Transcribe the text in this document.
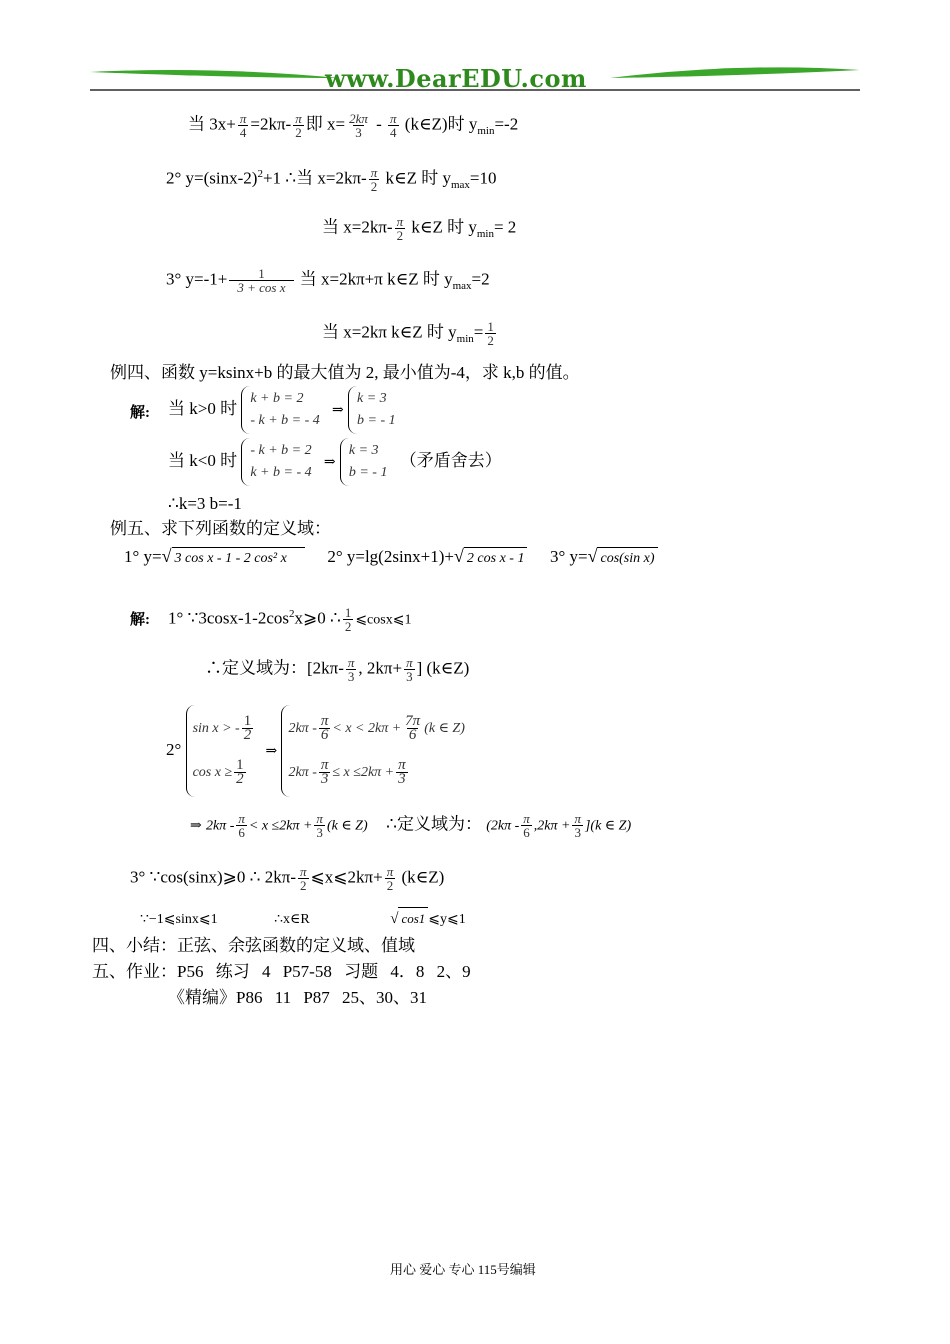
www.DearEDU.com
当 $3x+ \frac{\pi}{4} =2k\pi- \frac{\pi}{2}$ 即 $x= \frac{2k\pi}{3} - \frac{\pi}{4}$ (k∈Z)时 $y_{min}=-2$
2° $y=(\sin x-2)^2+1$ ∴当 $x=2k\pi- \frac{\pi}{2}$ k∈Z 时 $y_{max}=10$
当 $x=2k\pi- \frac{\pi}{2}$ k∈Z 时 $y_{min}= 2$
3° $y=-1+ \frac{1}{\text{3 + cos x}}$ 当 x=2kπ+π k∈Z 时 $y_{max}=2$
当 x=2kπ k∈Z 时 $y_{min}= \frac{1}{2}$
例四、函数 y=ksinx+b 的最大值为 2, 最小值为-4，求 k,b 的值。
解: 当 k>0 时
k + b = 2
- k + b = - 4
⇒
k = 3
b = - 1
当 k<0 时
- k + b = 2
k + b = - 4
⇒
k = 3
b = - 1
（矛盾舍去）
∴k=3 b=-1
例五、求下列函数的定义域：
1° y=√ 3 cos x - 1 - 2 cos² x 2° y=lg(2sinx+1)+√ 2 cos x - 1 3° y=√ cos(sin x)
解: 1° $\because 3\cos x-1-2\cos^2x⩾0$ ∴ $\frac{1}{2}$ ⩽cosx⩽1
∴定义域为：[$2k\pi- \frac{\pi}{3}$ , $2k\pi+ \frac{\pi}{3}$ ] (k∈Z)
2°
sin x > - $\frac{1}{2}$
$\cos x \ge \frac{1}{2}$
⇒
$2k\pi - \frac{\pi}{6} < x < 2k\pi + \frac{7\pi}{6} (k$ ∈ Z)
$2k\pi - \frac{\pi}{3} \le x \le 2k\pi + \frac{\pi}{3}$
⇒ $2k\pi - \frac{\pi}{6} < x \le 2k\pi + \frac{\pi}{3} (k$ ∈ Z) ∴定义域为： $(2k\pi - \frac{\pi}{6} ,2k\pi + \frac{\pi}{3} ](k$ ∈ Z)
3° ∵cos(sinx)⩾0 ∴ $2k\pi- \frac{\pi}{2}$ ⩽x⩽2kπ+ $\frac{\pi}{2}$ (k∈Z)
∵−1⩽sinx⩽1	∴x∈R	√ cos1 ⩽y⩽1
四、小结：正弦、余弦函数的定义域、值域
五、作业：P56 练习 4 P57-58 习题 4．8 2、9
《精编》P86 11 P87 25、30、31
用心 爱心 专心 115号编辑
